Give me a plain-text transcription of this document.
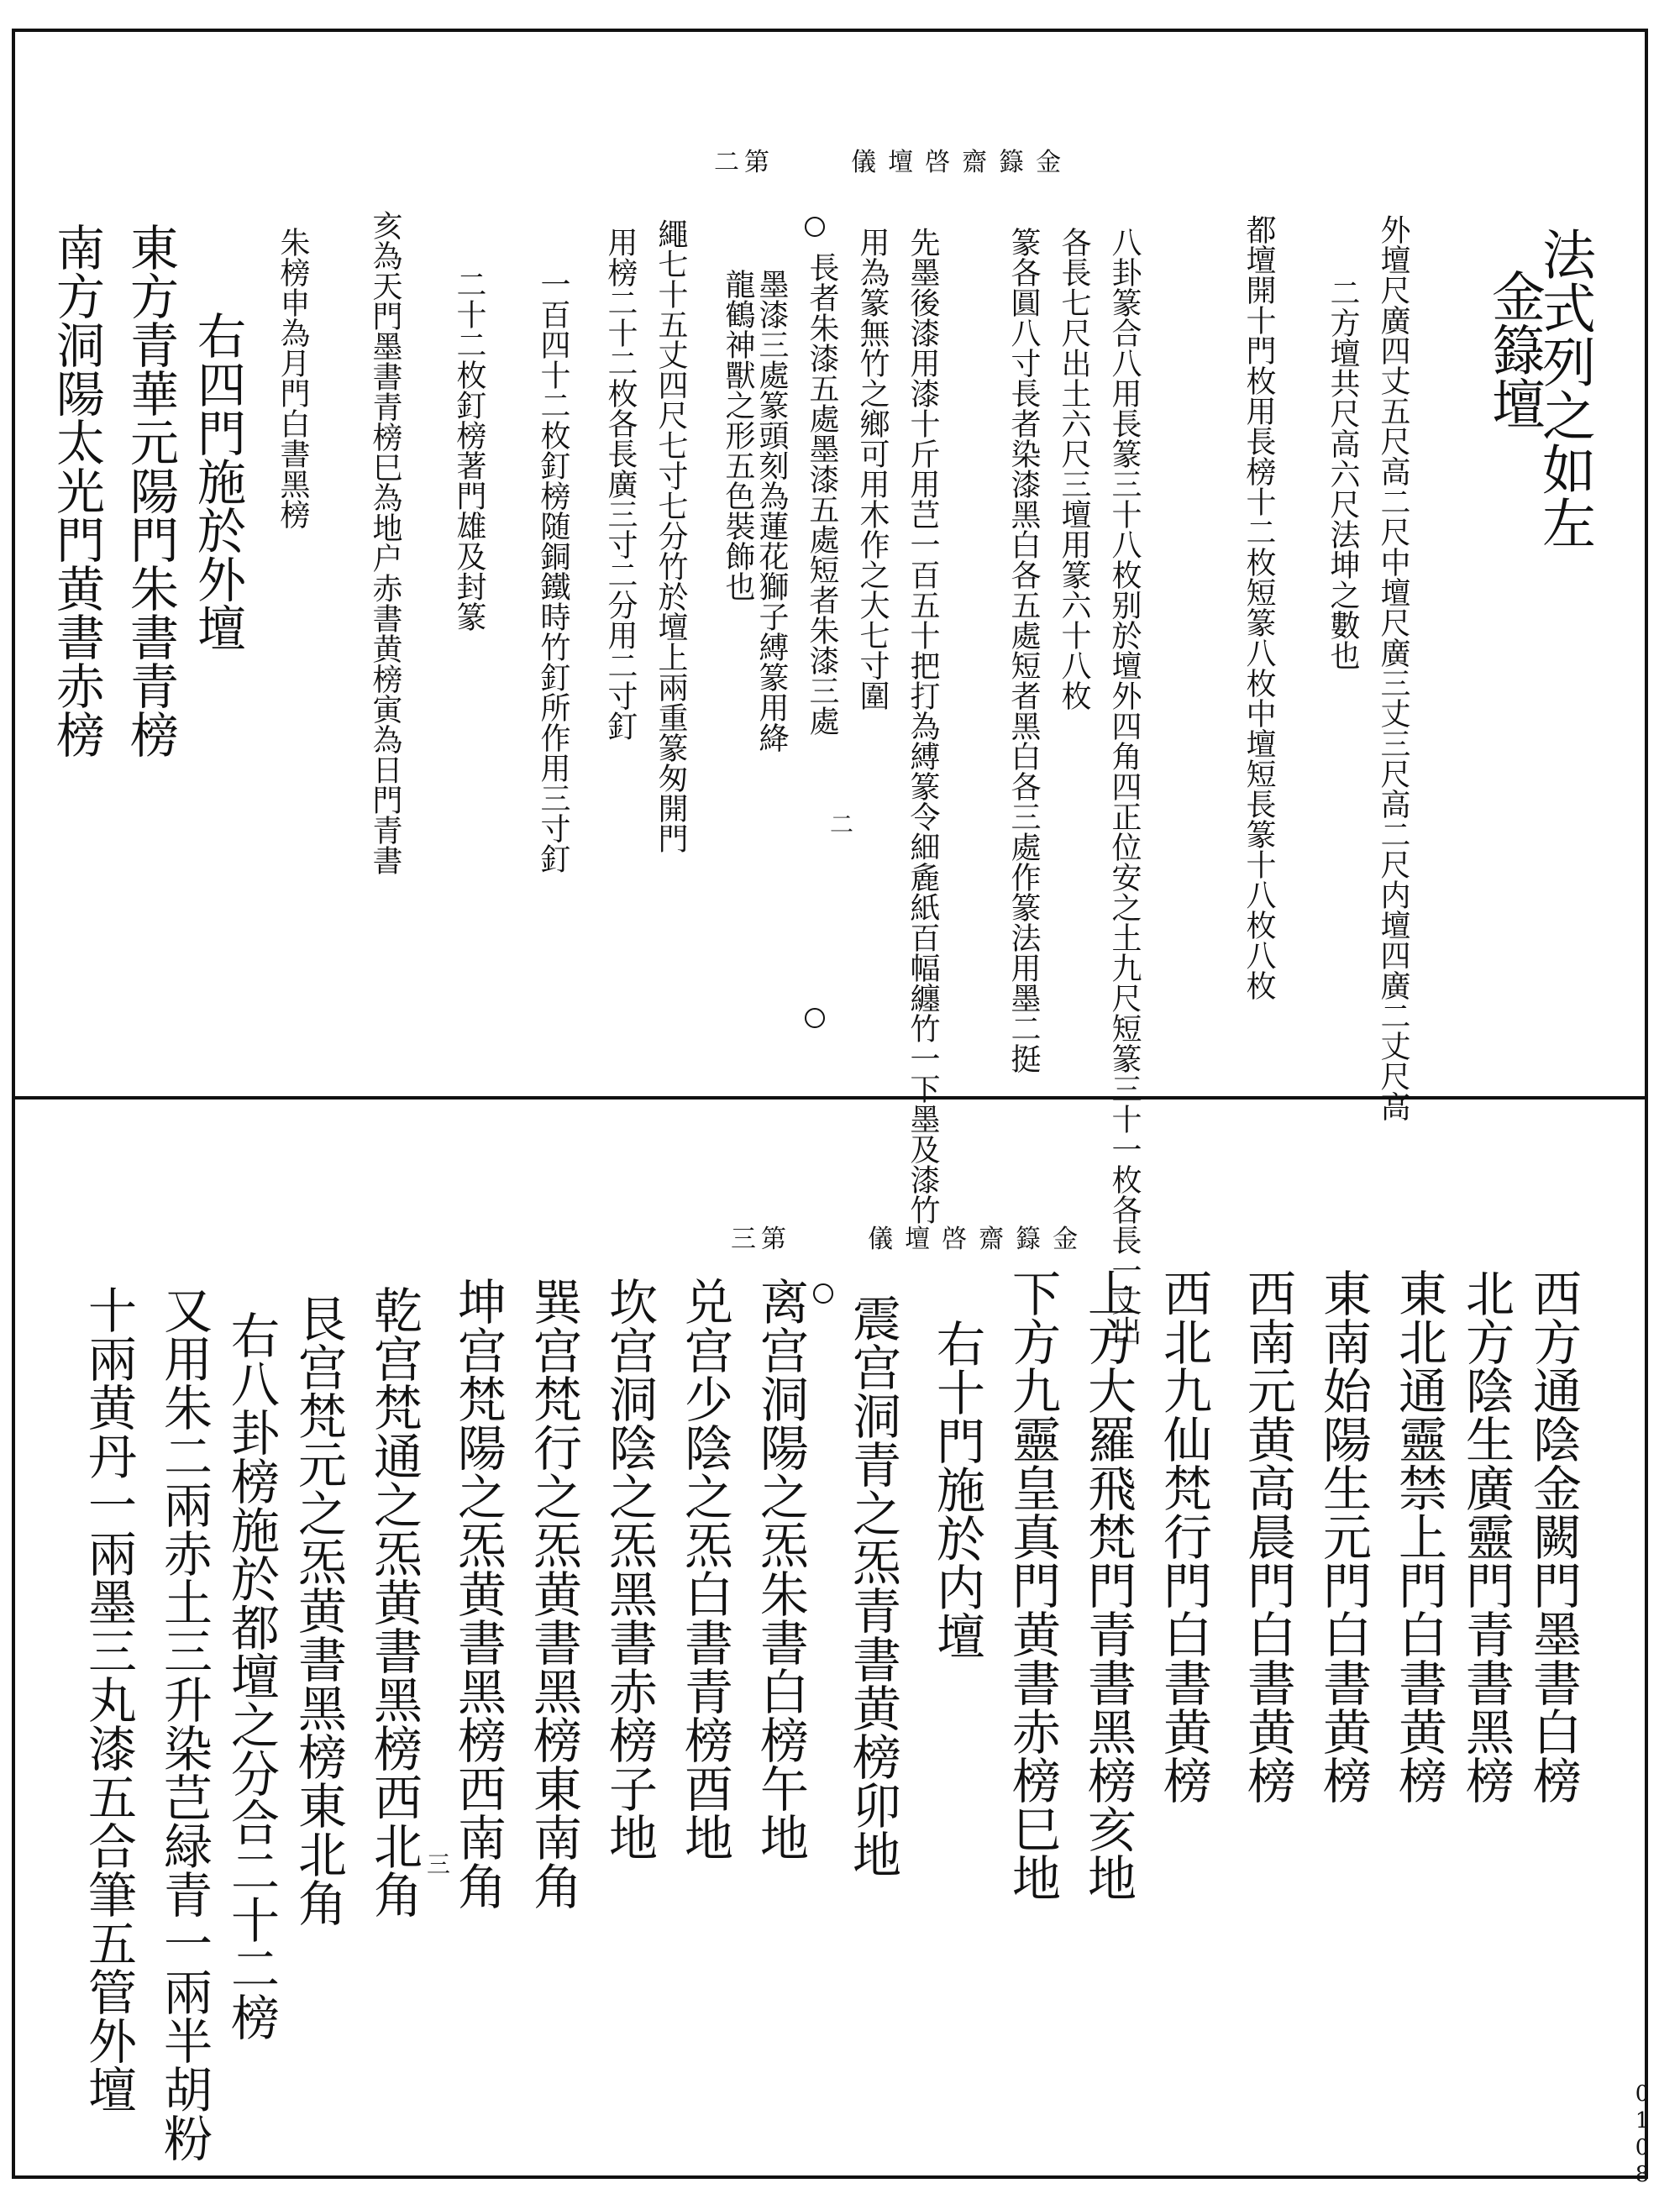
金籙齋啓壇儀  第二
二
法式列之如左
金籙壇
外壇尺廣四丈五尺高二尺中壇尺廣三丈三尺高二尺内壇四廣二丈尺高
二方壇共尺高六尺法坤之數也
都壇開十門枚用長榜十二枚短篆八枚中壇短長篆十八枚八枚
八卦篆合八用長篆三十八枚别於壇外四角四正位安之土九尺短篆三十一枚各長一丈出
各長七尺出土六尺三壇用篆六十八枚
篆各圓八寸長者染漆黑白各五處短者黑白各三處作篆法用墨二挺
先墨後漆用漆十斤用芑一百五十把打為縛篆令細麁紙百幅纏竹一下墨及漆竹
用為篆無竹之鄉可用木作之大七寸圍
長者朱漆五處墨漆五處短者朱漆三處
墨漆三處篆頭刻為蓮花獅子縛篆用絳
龍鶴神獸之形五色裝飾也
繩七十五丈四尺七寸七分竹於壇上兩重篆匆開門
用榜二十二枚各長廣三寸二分用二寸釘
一百四十二枚釘榜随銅鐵時竹釘所作用三寸釘
二十二枚釘榜著門雄及封篆
亥為天門墨書青榜巳為地户赤書黄榜寅為日門青書
朱榜申為月門白書黑榜
右四門施於外壇
東方青華元陽門朱書青榜
南方洞陽太光門黄書赤榜
金籙齋啓壇儀  第三
三
西方通陰金闕門墨書白榜
北方陰生廣靈門青書黑榜
東北通靈禁上門白書黄榜
東南始陽生元門白書黄榜
西南元黄高晨門白書黄榜
西北九仙梵行門白書黄榜
上方大羅飛梵門青書黑榜亥地
下方九靈皇真門黄書赤榜巳地
右十門施於内壇
震宫洞青之炁青書黄榜卯地
离宫洞陽之炁朱書白榜午地
兑宫少陰之炁白書青榜酉地
坎宫洞陰之炁黑書赤榜子地
巽宫梵行之炁黄書黑榜東南角
坤宫梵陽之炁黄書黑榜西南角
乾宫梵通之炁黄書黑榜西北角
艮宫梵元之炁黄書黑榜東北角
右八卦榜施於都壇之分合二十二榜
又用朱二兩赤土三升染芑緑青一兩半胡粉
十兩黄丹一兩墨三丸漆五合筆五管外壇
0108
